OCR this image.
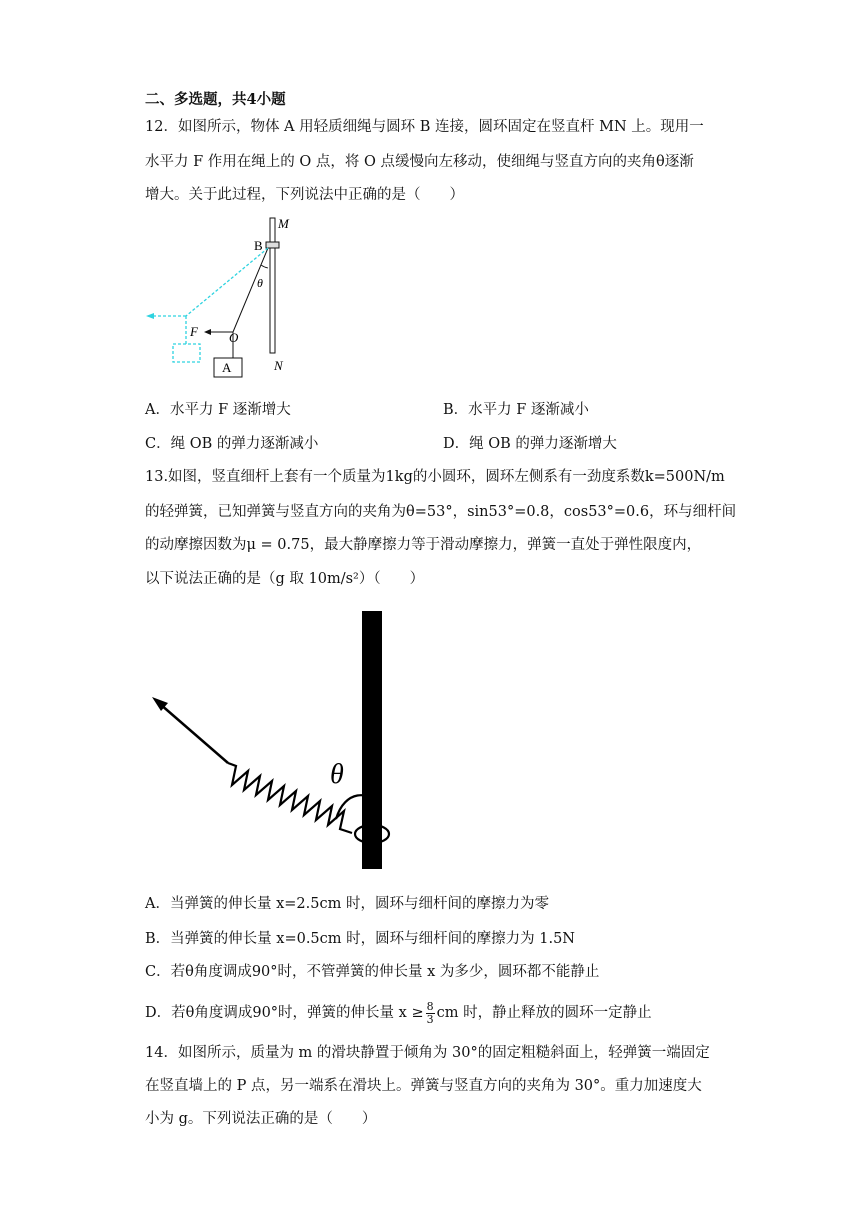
二、多选题，共4小题
12．如图所示，物体 A 用轻质细绳与圆环 B 连接，圆环固定在竖直杆 MN 上。现用一
水平力 F 作用在绳上的 O 点，将 O 点缓慢向左移动，使细绳与竖直方向的夹角θ逐渐
增大。关于此过程，下列说法中正确的是（　　）
M
B
θ
F O
N
A
A．水平力 F 逐渐增大	B．水平力 F 逐渐减小
C．绳 OB 的弹力逐渐减小	D．绳 OB 的弹力逐渐增大
13.如图，竖直细杆上套有一个质量为1kg的小圆环，圆环左侧系有一劲度系数k=500N/m
的轻弹簧，已知弹簧与竖直方向的夹角为θ=53°，sin53°=0.8，cos53°=0.6，环与细杆间
的动摩擦因数为μ = 0.75，最大静摩擦力等于滑动摩擦力，弹簧一直处于弹性限度内，
以下说法正确的是（g 取 10m/s²）（　　）
θ
A．当弹簧的伸长量 x=2.5cm 时，圆环与细杆间的摩擦力为零
B．当弹簧的伸长量 x=0.5cm 时，圆环与细杆间的摩擦力为 1.5N
C．若θ角度调成90°时，不管弹簧的伸长量 x 为多少，圆环都不能静止
D．若θ角度调成90°时，弹簧的伸长量 $x \ge \frac{8}{3}$ cm 时，静止释放的圆环一定静止
14．如图所示，质量为 m 的滑块静置于倾角为 30°的固定粗糙斜面上，轻弹簧一端固定
在竖直墙上的 P 点，另一端系在滑块上。弹簧与竖直方向的夹角为 30°。重力加速度大
小为 g。下列说法正确的是（　　）
